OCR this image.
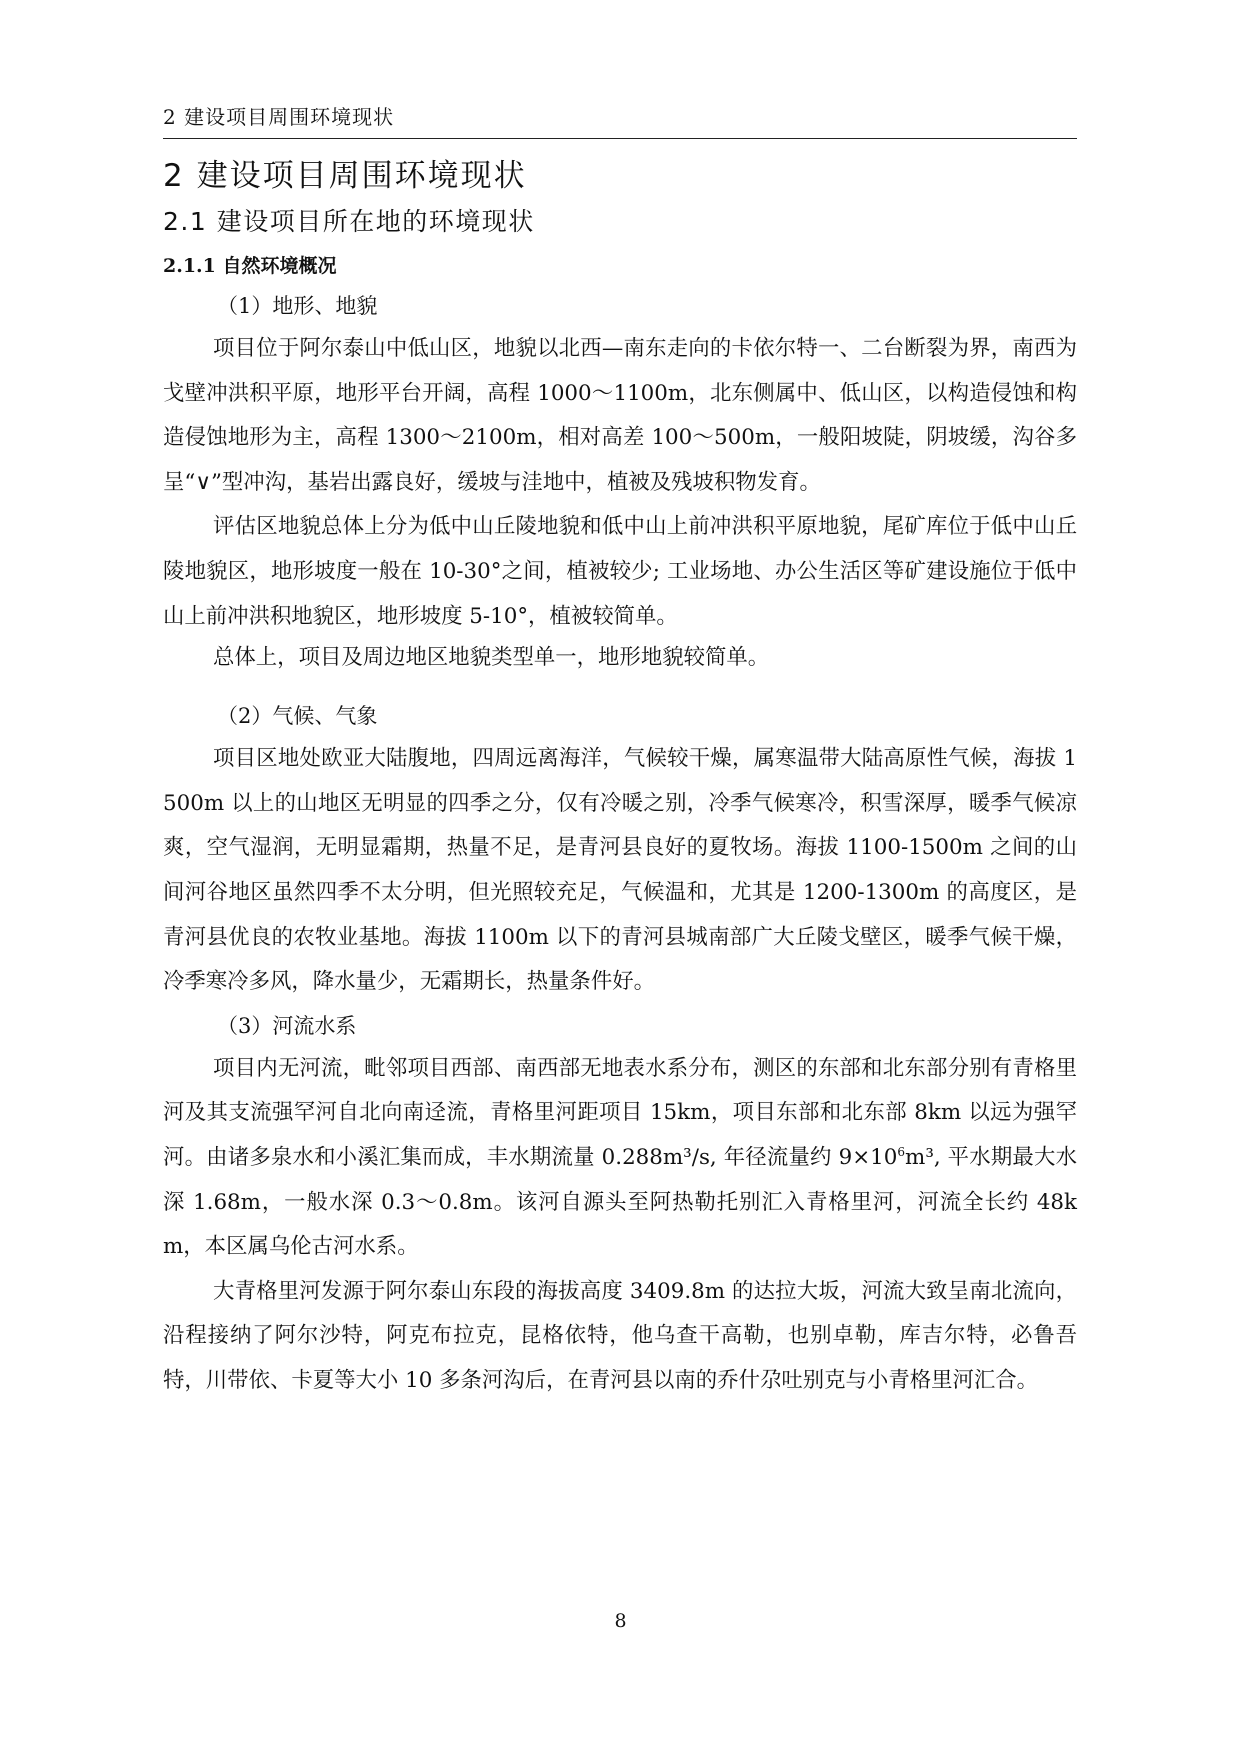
2 建设项目周围环境现状
2 建设项目周围环境现状
2.1 建设项目所在地的环境现状
2.1.1 自然环境概况

（1）地形、地貌

项目位于阿尔泰山中低山区，地貌以北西—南东走向的卡依尔特一、二台断裂为界，南西为戈壁冲洪积平原，地形平台开阔，高程 1000～1100m，北东侧属中、低山区，以构造侵蚀和构造侵蚀地形为主，高程 1300～2100m，相对高差 100～500m，一般阳坡陡，阴坡缓，沟谷多呈“∨”型冲沟，基岩出露良好，缓坡与洼地中，植被及残坡积物发育。

评估区地貌总体上分为低中山丘陵地貌和低中山上前冲洪积平原地貌，尾矿库位于低中山丘陵地貌区，地形坡度一般在 10-30°之间，植被较少; 工业场地、办公生活区等矿建设施位于低中山上前冲洪积地貌区，地形坡度 5-10°，植被较简单。

总体上，项目及周边地区地貌类型单一，地形地貌较简单。

（2）气候、气象

项目区地处欧亚大陆腹地，四周远离海洋，气候较干燥，属寒温带大陆高原性气候，海拔 1500m 以上的山地区无明显的四季之分，仅有冷暖之别，冷季气候寒冷，积雪深厚，暖季气候凉爽，空气湿润，无明显霜期，热量不足，是青河县良好的夏牧场。海拔 1100-1500m 之间的山间河谷地区虽然四季不太分明，但光照较充足，气候温和，尤其是 1200-1300m 的高度区，是青河县优良的农牧业基地。海拔 1100m 以下的青河县城南部广大丘陵戈壁区，暖季气候干燥，冷季寒冷多风，降水量少，无霜期长，热量条件好。

（3）河流水系

项目内无河流，毗邻项目西部、南西部无地表水系分布，测区的东部和北东部分别有青格里河及其支流强罕河自北向南迳流，青格里河距项目 15km，项目东部和北东部 8km 以远为强罕河。由诸多泉水和小溪汇集而成，丰水期流量 0.288m³/s, 年径流量约 $9\times 10^6m^3$, 平水期最大水深 1.68m，一般水深 0.3～0.8m。该河自源头至阿热勒托别汇入青格里河，河流全长约 48km，本区属乌伦古河水系。

大青格里河发源于阿尔泰山东段的海拔高度 3409.8m 的达拉大坂，河流大致呈南北流向，沿程接纳了阿尔沙特，阿克布拉克，昆格依特，他乌查干高勒，也别卓勒，库吉尔特，必鲁吾特，川带依、卡夏等大小 10 多条河沟后，在青河县以南的乔什尕吐别克与小青格里河汇合。

8
